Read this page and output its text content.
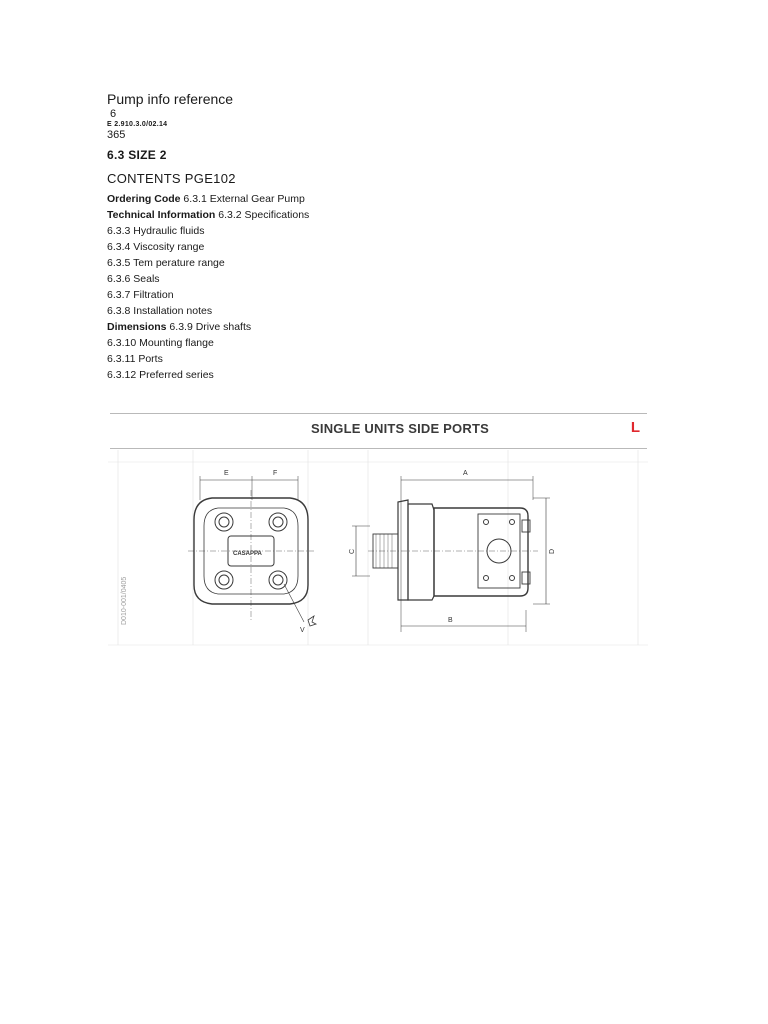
Pump info reference
6
E 2.910.3.0/02.14
365
6.3 SIZE 2
CONTENTS PGE102
Ordering Code 6.3.1 External Gear Pump
Technical Information 6.3.2 Specifications
6.3.3 Hydraulic fluids
6.3.4 Viscosity range
6.3.5 Tem perature range
6.3.6 Seals
6.3.7 Filtration
6.3.8 Installation notes
Dimensions 6.3.9 Drive shafts
6.3.10 Mounting flange
6.3.11 Ports
6.3.12 Preferred series
SINGLE UNITS SIDE PORTS	L
D010-001/0405
E	F
CASAPPA
V
A
B
C	D
